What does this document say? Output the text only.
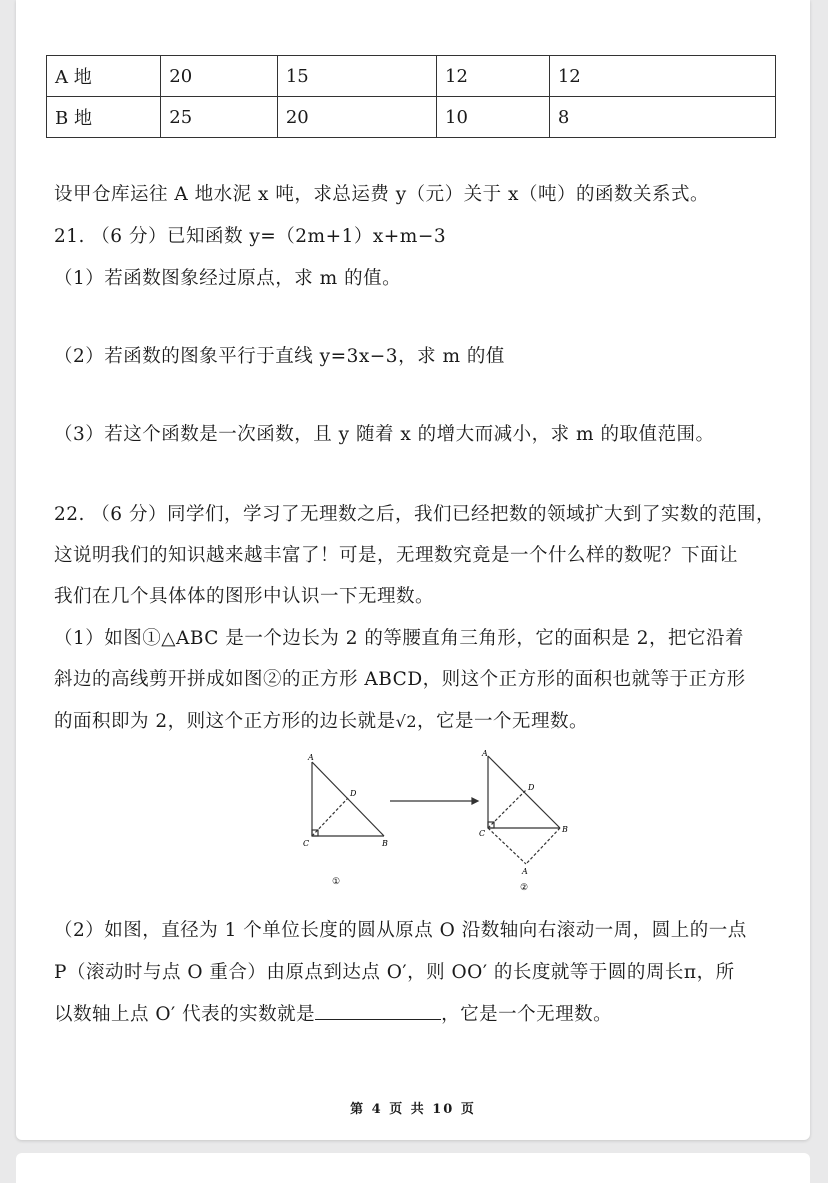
A 地	20	15	12	12
B 地	25	20	10	8
设甲仓库运往 A 地水泥 x 吨，求总运费 y（元）关于 x（吨）的函数关系式。
21. （6 分）已知函数 y=（2m+1）x+m−3
（1）若函数图象经过原点，求 m 的值。
（2）若函数的图象平行于直线 y=3x−3，求 m 的值
（3）若这个函数是一次函数，且 y 随着 x 的增大而减小，求 m 的取值范围。
22. （6 分）同学们，学习了无理数之后，我们已经把数的领域扩大到了实数的范围，
这说明我们的知识越来越丰富了！可是，无理数究竟是一个什么样的数呢？下面让
我们在几个具体体的图形中认识一下无理数。
（1）如图①△ABC 是一个边长为 2 的等腰直角三角形，它的面积是 2，把它沿着
斜边的高线剪开拼成如图②的正方形 ABCD，则这个正方形的面积也就等于正方形
的面积即为 2，则这个正方形的边长就是√2，它是一个无理数。
A
D
C	B
①
A
D
C	B
A
②
（2）如图，直径为 1 个单位长度的圆从原点 O 沿数轴向右滚动一周，圆上的一点
P（滚动时与点 O 重合）由原点到达点 O′，则 OO′ 的长度就等于圆的周长π，所
以数轴上点 O′ 代表的实数就是	，它是一个无理数。
第 4 页 共 10 页
